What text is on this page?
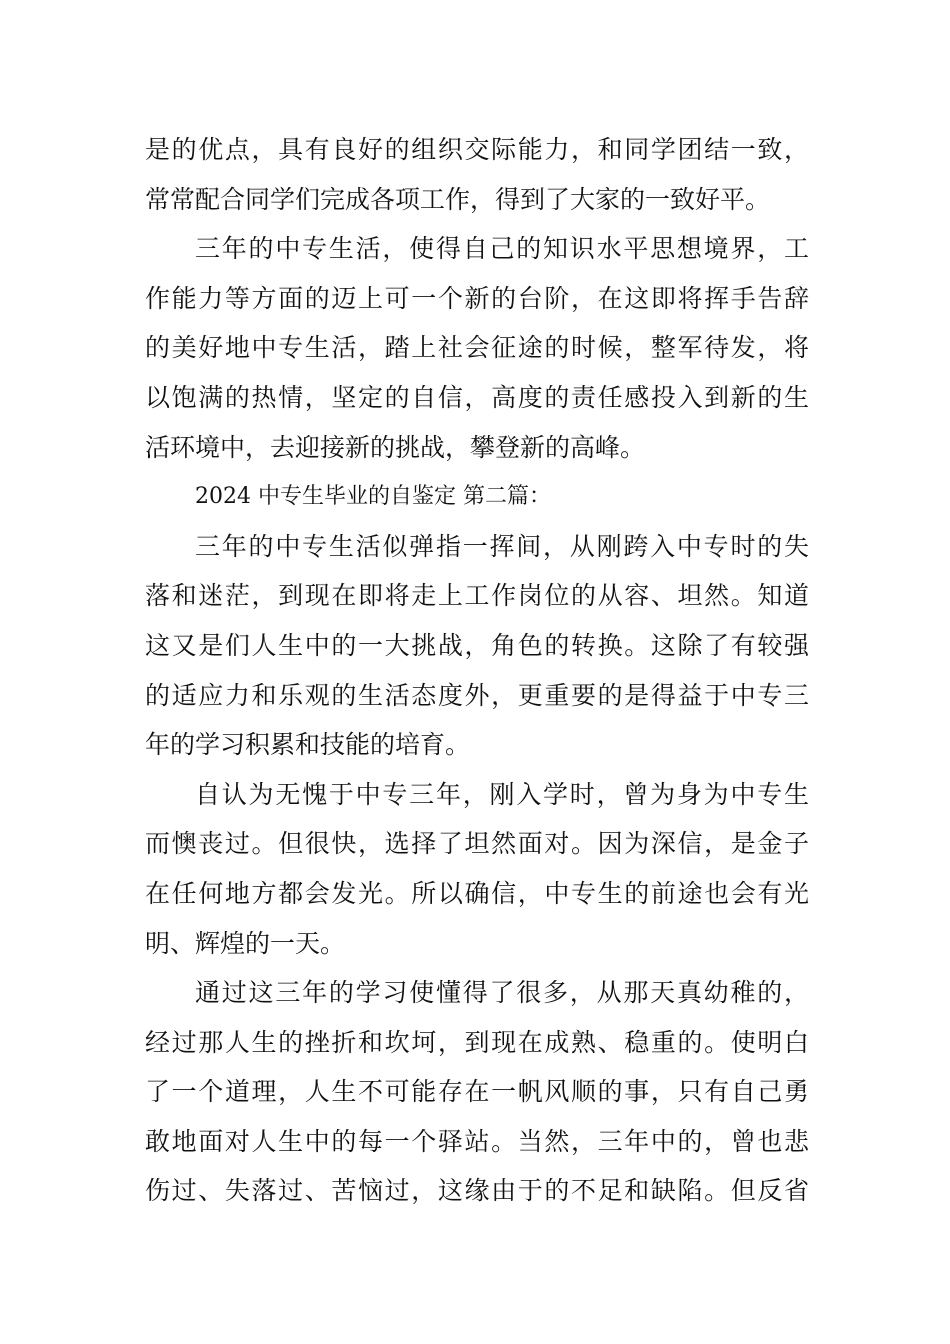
是的优点，具有良好的组织交际能力，和同学团结一致，
常常配合同学们完成各项工作，得到了大家的一致好平。
三年的中专生活，使得自己的知识水平思想境界，工
作能力等方面的迈上可一个新的台阶，在这即将挥手告辞
的美好地中专生活，踏上社会征途的时候，整军待发，将
以饱满的热情，坚定的自信，高度的责任感投入到新的生
活环境中，去迎接新的挑战，攀登新的高峰。
2024 中专生毕业的自鉴定 第二篇：
三年的中专生活似弹指一挥间，从刚跨入中专时的失
落和迷茫，到现在即将走上工作岗位的从容、坦然。知道
这又是们人生中的一大挑战，角色的转换。这除了有较强
的适应力和乐观的生活态度外，更重要的是得益于中专三
年的学习积累和技能的培育。
自认为无愧于中专三年，刚入学时，曾为身为中专生
而懊丧过。但很快，选择了坦然面对。因为深信，是金子
在任何地方都会发光。所以确信，中专生的前途也会有光
明、辉煌的一天。
通过这三年的学习使懂得了很多，从那天真幼稚的，
经过那人生的挫折和坎坷，到现在成熟、稳重的。使明白
了一个道理，人生不可能存在一帆风顺的事，只有自己勇
敢地面对人生中的每一个驿站。当然，三年中的，曾也悲
伤过、失落过、苦恼过，这缘由于的不足和缺陷。但反省
